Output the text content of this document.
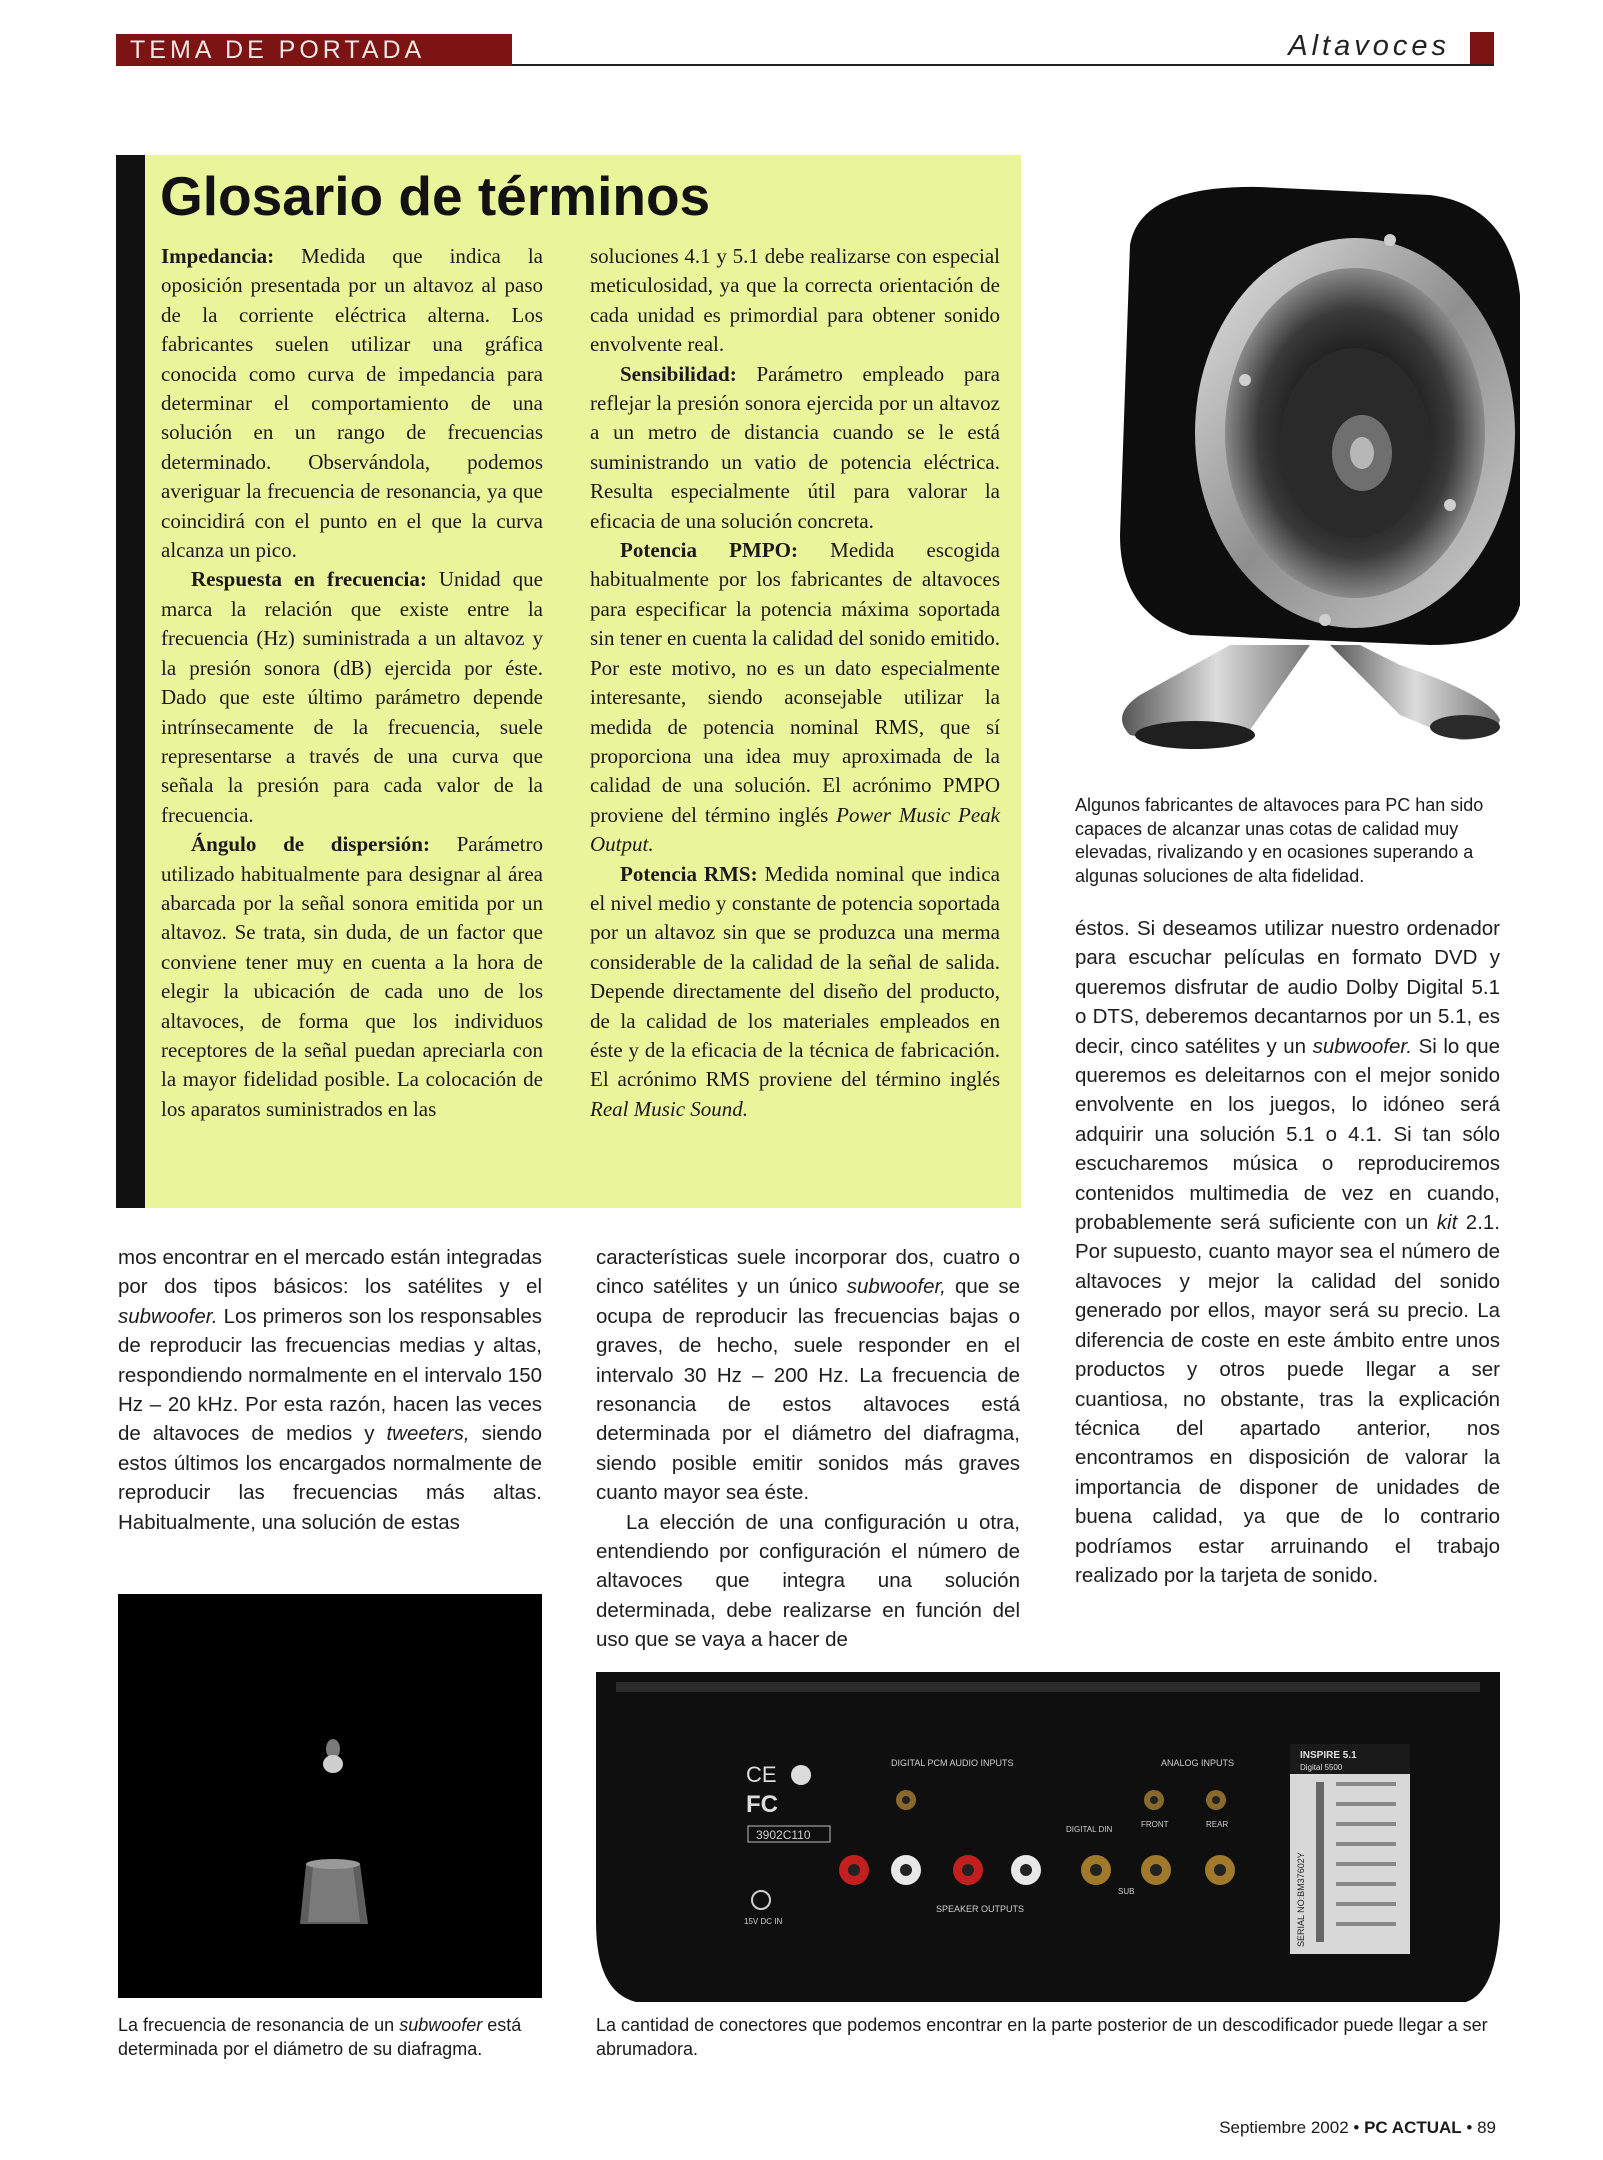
TEMA DE PORTADA	Altavoces
Glosario de términos

Impedancia: Medida que indica la oposición presentada por un altavoz al paso de la corriente eléctrica alterna. Los fabricantes suelen utilizar una gráfica conocida como curva de impedancia para determinar el comportamiento de una solución en un rango de frecuencias determinado. Observándola, podemos averiguar la frecuencia de resonancia, ya que coincidirá con el punto en el que la curva alcanza un pico.

Respuesta en frecuencia: Unidad que marca la relación que existe entre la frecuencia (Hz) suministrada a un altavoz y la presión sonora (dB) ejercida por éste. Dado que este último parámetro depende intrínsecamente de la frecuencia, suele representarse a través de una curva que señala la presión para cada valor de la frecuencia.

Ángulo de dispersión: Parámetro utilizado habitualmente para designar al área abarcada por la señal sonora emitida por un altavoz. Se trata, sin duda, de un factor que conviene tener muy en cuenta a la hora de elegir la ubicación de cada uno de los altavoces, de forma que los individuos receptores de la señal puedan apreciarla con la mayor fidelidad posible. La colocación de los aparatos suministrados en las

soluciones 4.1 y 5.1 debe realizarse con especial meticulosidad, ya que la correcta orientación de cada unidad es primordial para obtener sonido envolvente real.

Sensibilidad: Parámetro empleado para reflejar la presión sonora ejercida por un altavoz a un metro de distancia cuando se le está suministrando un vatio de potencia eléctrica. Resulta especialmente útil para valorar la eficacia de una solución concreta.

Potencia PMPO: Medida escogida habitualmente por los fabricantes de altavoces para especificar la potencia máxima soportada sin tener en cuenta la calidad del sonido emitido. Por este motivo, no es un dato especialmente interesante, siendo aconsejable utilizar la medida de potencia nominal RMS, que sí proporciona una idea muy aproximada de la calidad de una solución. El acrónimo PMPO proviene del término inglés Power Music Peak Output.

Potencia RMS: Medida nominal que indica el nivel medio y constante de potencia soportada por un altavoz sin que se produzca una merma considerable de la calidad de la señal de salida. Depende directamente del diseño del producto, de la calidad de los materiales empleados en éste y de la eficacia de la técnica de fabricación. El acrónimo RMS proviene del término inglés Real Music Sound.

Algunos fabricantes de altavoces para PC han sido capaces de alcanzar unas cotas de calidad muy elevadas, rivalizando y en ocasiones superando a algunas soluciones de alta fidelidad.

éstos. Si deseamos utilizar nuestro ordenador para escuchar películas en formato DVD y queremos disfrutar de audio Dolby Digital 5.1 o DTS, deberemos decantarnos por un 5.1, es decir, cinco satélites y un subwoofer. Si lo que queremos es deleitarnos con el mejor sonido envolvente en los juegos, lo idóneo será adquirir una solución 5.1 o 4.1. Si tan sólo escucharemos música o reproduciremos contenidos multimedia de vez en cuando, probablemente será suficiente con un kit 2.1. Por supuesto, cuanto mayor sea el número de altavoces y mejor la calidad del sonido generado por ellos, mayor será su precio. La diferencia de coste en este ámbito entre unos productos y otros puede llegar a ser cuantiosa, no obstante, tras la explicación técnica del apartado anterior, nos encontramos en disposición de valorar la importancia de disponer de unidades de buena calidad, ya que de lo contrario podríamos estar arruinando el trabajo realizado por la tarjeta de sonido.

mos encontrar en el mercado están integradas por dos tipos básicos: los satélites y el subwoofer. Los primeros son los responsables de reproducir las frecuencias medias y altas, respondiendo normalmente en el intervalo 150 Hz – 20 kHz. Por esta razón, hacen las veces de altavoces de medios y tweeters, siendo estos últimos los encargados normalmente de reproducir las frecuencias más altas. Habitualmente, una solución de estas

características suele incorporar dos, cuatro o cinco satélites y un único subwoofer, que se ocupa de reproducir las frecuencias bajas o graves, de hecho, suele responder en el intervalo 30 Hz – 200 Hz. La frecuencia de resonancia de estos altavoces está determinada por el diámetro del diafragma, siendo posible emitir sonidos más graves cuanto mayor sea éste.

La elección de una configuración u otra, entendiendo por configuración el número de altavoces que integra una solución determinada, debe realizarse en función del uso que se vaya a hacer de

La frecuencia de resonancia de un subwoofer está determinada por el diámetro de su diafragma.
CE
FC
3902C110
DIGITAL PCM AUDIO INPUTS	ANALOG INPUTS
FRONT	REAR
DIGITAL DIN
SUB
SPEAKER OUTPUTS
15V DC IN
INSPIRE 5.1
Digital 5500
SERIAL NO:BM37602Y
La cantidad de conectores que podemos encontrar en la parte posterior de un descodificador puede llegar a ser abrumadora.
Septiembre 2002 • PC ACTUAL • 89
